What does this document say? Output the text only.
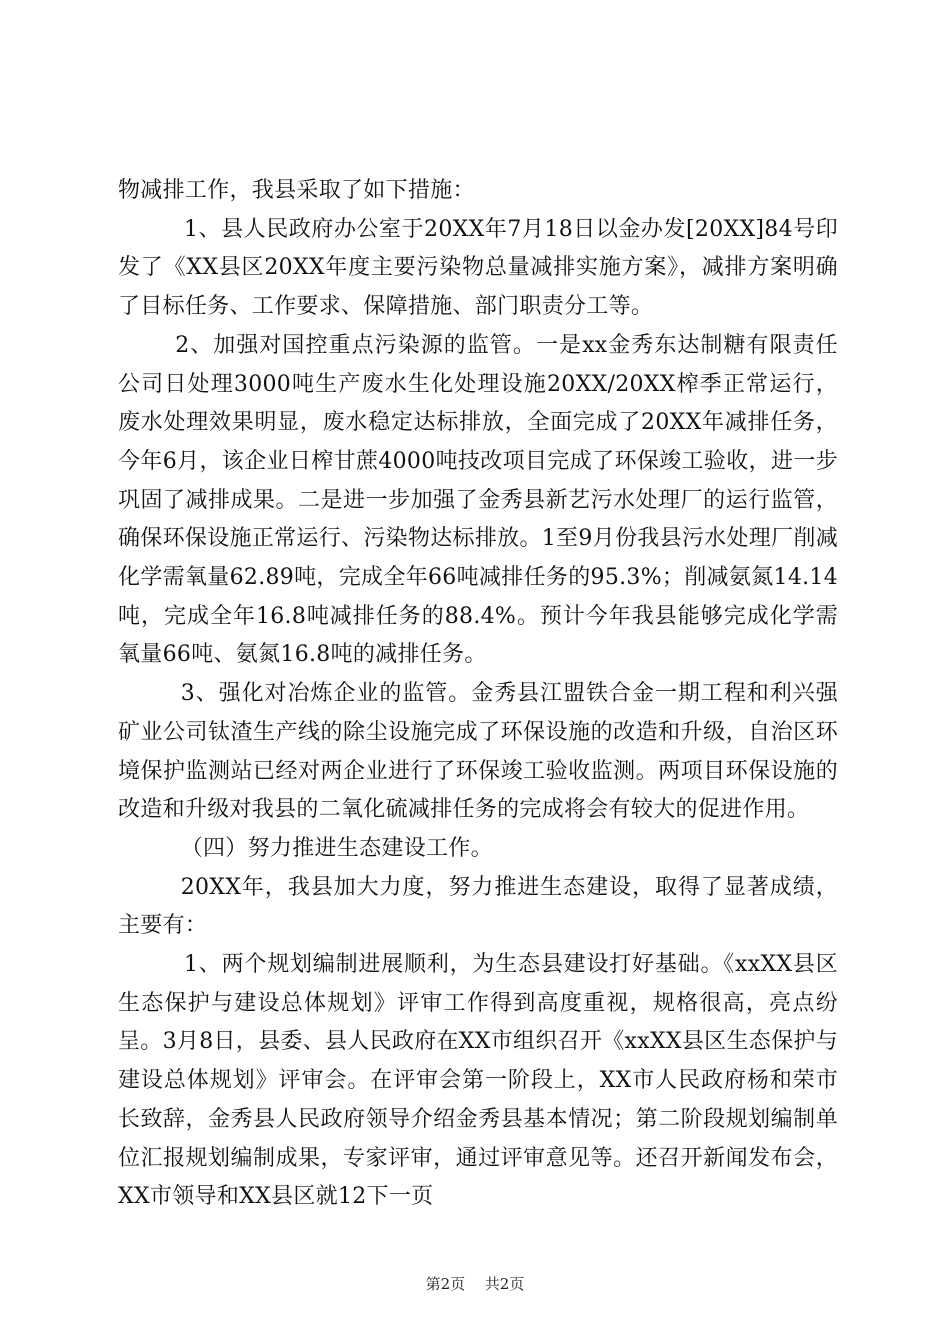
物减排工作，我县采取了如下措施：

1、县人民政府办公室于20XX年7月18日以金办发[20XX]84号印发了《XX县区20XX年度主要污染物总量减排实施方案》，减排方案明确了目标任务、工作要求、保障措施、部门职责分工等。

2、加强对国控重点污染源的监管。一是xx金秀东达制糖有限责任公司日处理3000吨生产废水生化处理设施20XX/20XX榨季正常运行，废水处理效果明显，废水稳定达标排放，全面完成了20XX年减排任务，今年6月，该企业日榨甘蔗4000吨技改项目完成了环保竣工验收，进一步巩固了减排成果。二是进一步加强了金秀县新艺污水处理厂的运行监管，确保环保设施正常运行、污染物达标排放。1至9月份我县污水处理厂削减化学需氧量62.89吨，完成全年66吨减排任务的95.3%；削减氨氮14.14吨，完成全年16.8吨减排任务的88.4%。预计今年我县能够完成化学需氧量66吨、氨氮16.8吨的减排任务。

3、强化对冶炼企业的监管。金秀县江盟铁合金一期工程和利兴强矿业公司钛渣生产线的除尘设施完成了环保设施的改造和升级，自治区环境保护监测站已经对两企业进行了环保竣工验收监测。两项目环保设施的改造和升级对我县的二氧化硫减排任务的完成将会有较大的促进作用。

（四）努力推进生态建设工作。

20XX年，我县加大力度，努力推进生态建设，取得了显著成绩，主要有：

1、两个规划编制进展顺利，为生态县建设打好基础。《xxXX县区生态保护与建设总体规划》评审工作得到高度重视，规格很高，亮点纷呈。3月8日，县委、县人民政府在XX市组织召开《xxXX县区生态保护与建设总体规划》评审会。在评审会第一阶段上，XX市人民政府杨和荣市长致辞，金秀县人民政府领导介绍金秀县基本情况；第二阶段规划编制单位汇报规划编制成果，专家评审，通过评审意见等。还召开新闻发布会，XX市领导和XX县区就12下一页

第2页 共2页
